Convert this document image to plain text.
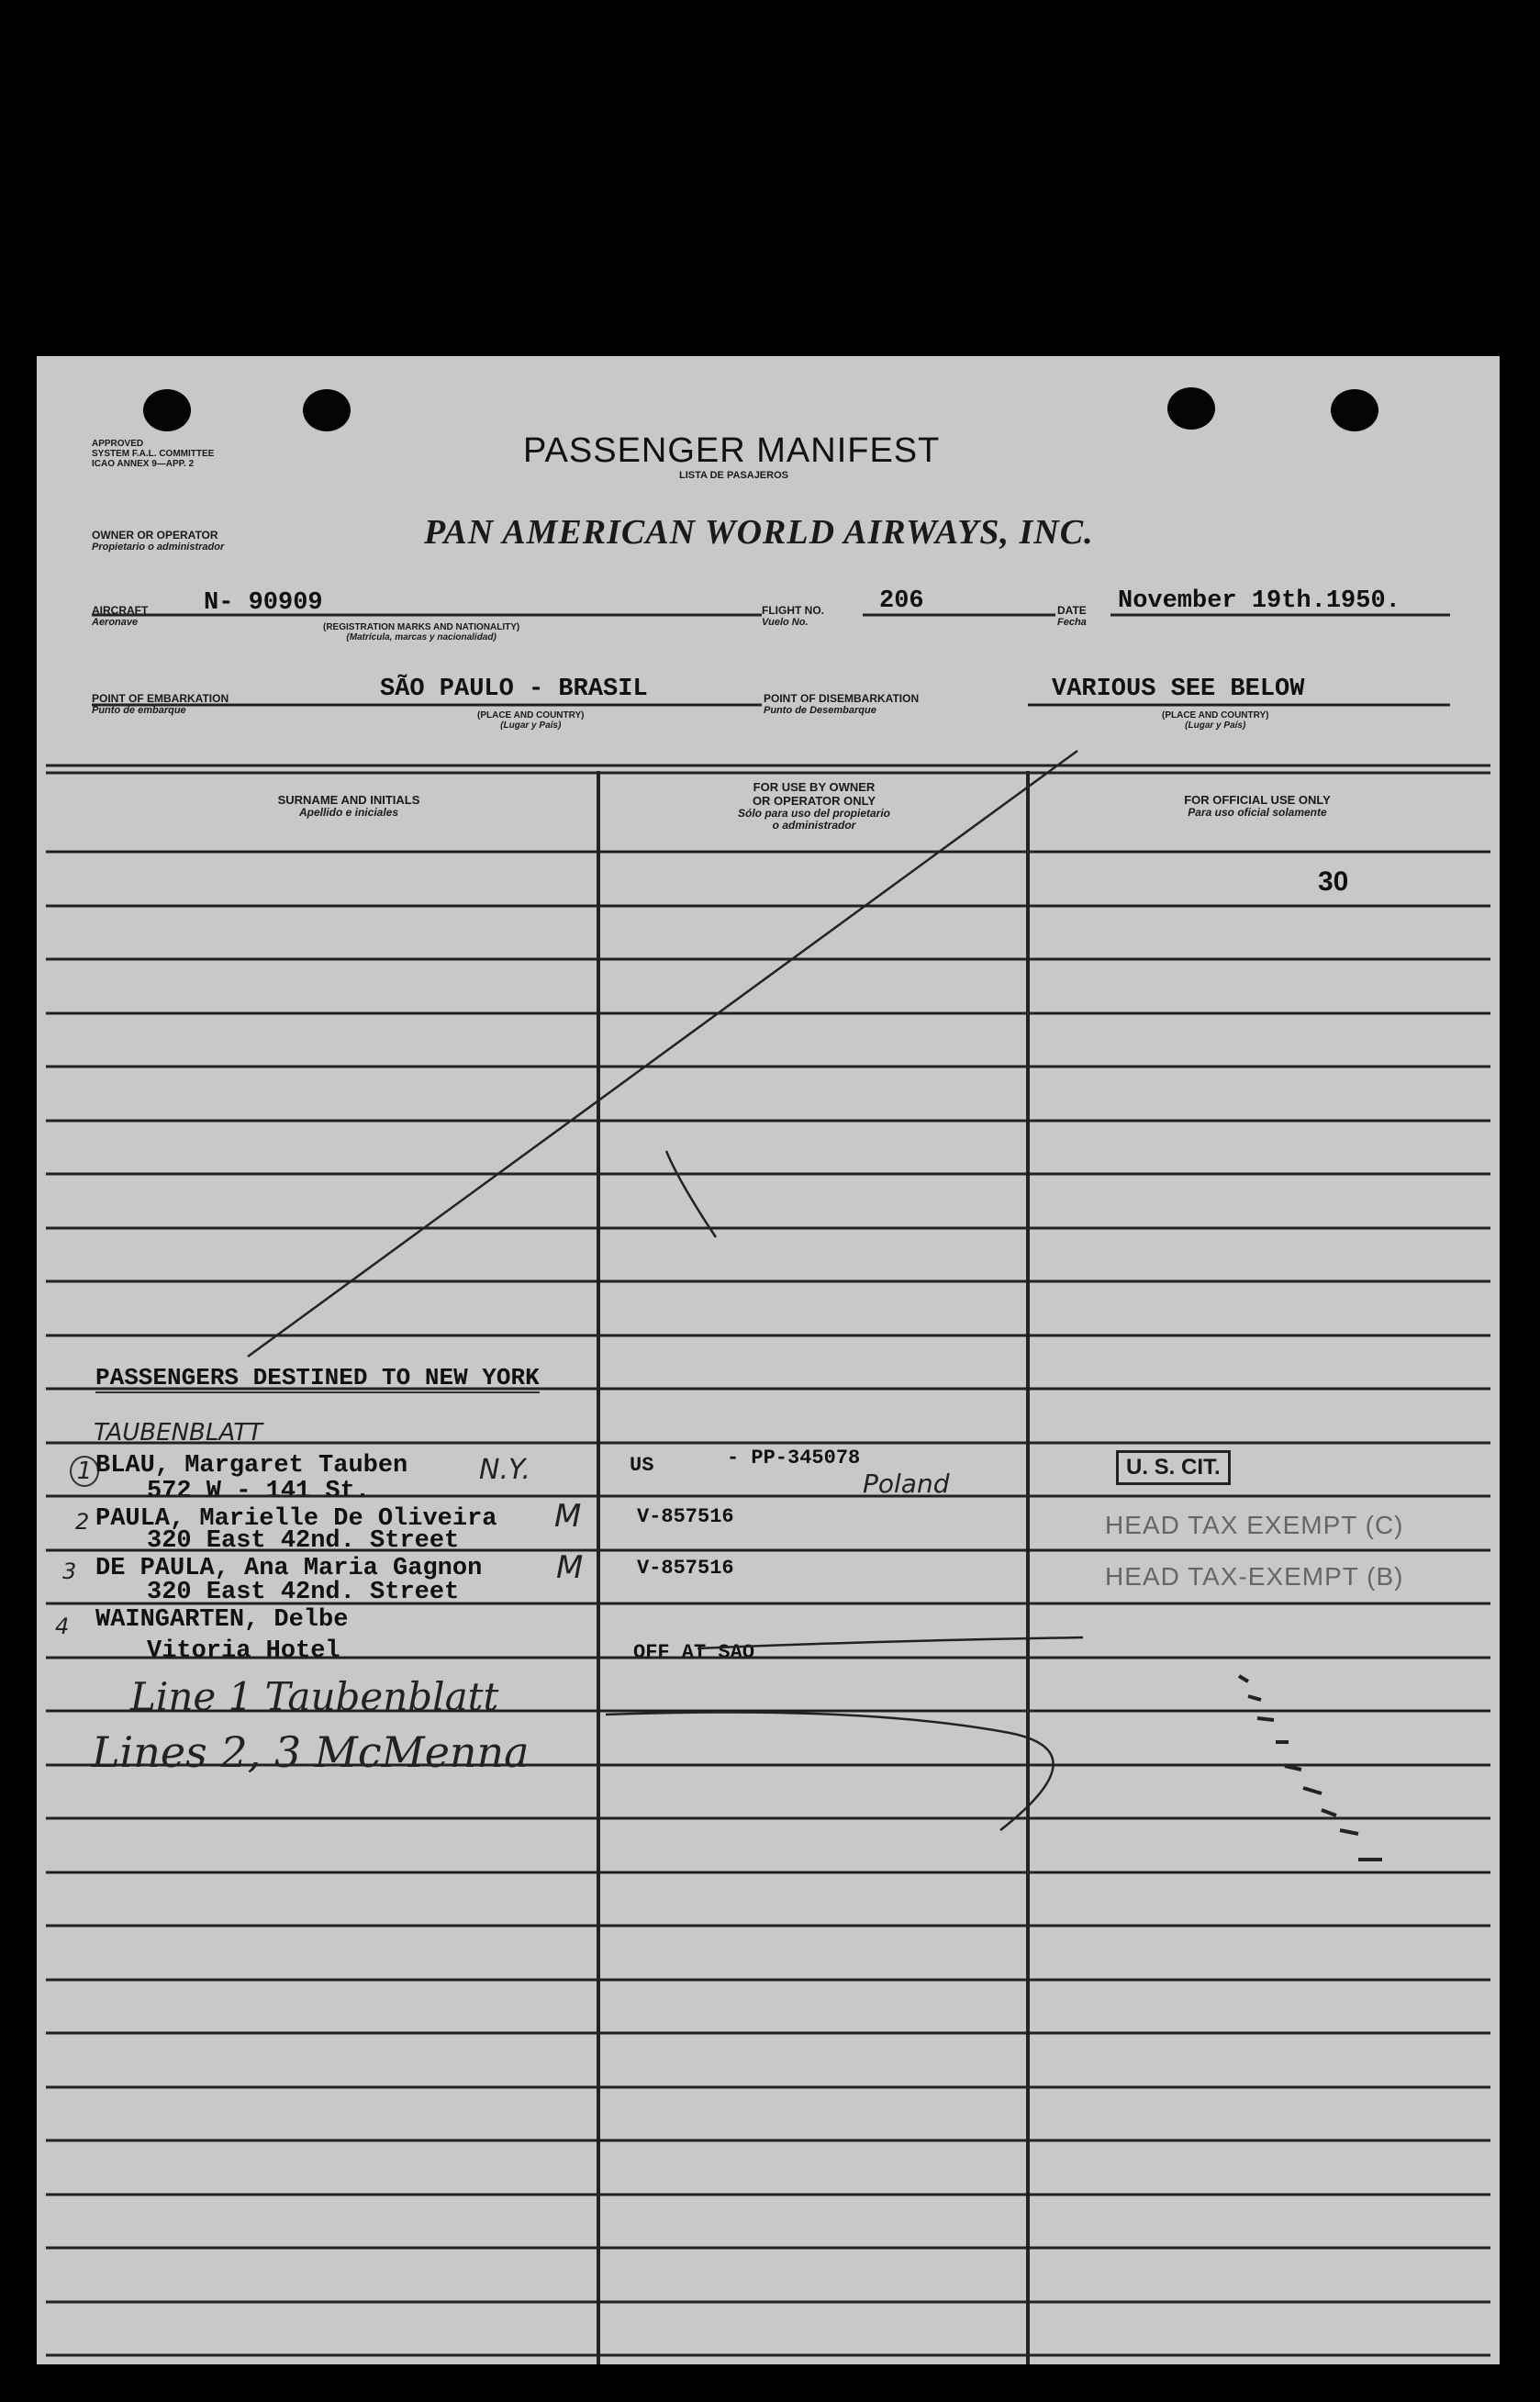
APPROVED
SYSTEM F.A.L. COMMITTEE
ICAO ANNEX 9—APP. 2	PASSENGER MANIFEST
LISTA DE PASAJEROS
OWNER OR OPERATOR
Propietario o administrador	PAN AMERICAN WORLD AIRWAYS, INC.
AIRCRAFT
Aeronave
N- 90909
(REGISTRATION MARKS AND NATIONALITY)
(Matrícula, marcas y nacionalidad)
FLIGHT NO.
Vuelo No.
206	DATE
Fecha
November 19th.1950.
POINT OF EMBARKATION
Punto de embarque
SÃO PAULO - BRASIL
(PLACE AND COUNTRY)
(Lugar y País)
POINT OF DISEMBARKATION
Punto de Desembarque
VARIOUS SEE BELOW
(PLACE AND COUNTRY)
(Lugar y País)
SURNAME AND INITIALS
Apellido e iniciales
FOR USE BY OWNER
OR OPERATOR ONLY
Sólo para uso del propietario
o administrador
FOR OFFICIAL USE ONLY
Para uso oficial solamente
30
PASSENGERS DESTINED TO NEW YORK
TAUBENBLATT
1 BLAU, Margaret Tauben
572 W - 141 St.
N.Y.	US	- PP-345078
Poland
U. S. CIT.
2 PAULA, Marielle De Oliveira
320 East 42nd. Street
M	V-857516	HEAD TAX EXEMPT (C)
3 DE PAULA, Ana Maria Gagnon
320 East 42nd. Street
M	V-857516	HEAD TAX-EXEMPT (B)
4 WAINGARTEN, Delbe
Vitoria Hotel	OFF AT SAO
Line 1 Taubenblatt
Lines 2, 3 McMenna
